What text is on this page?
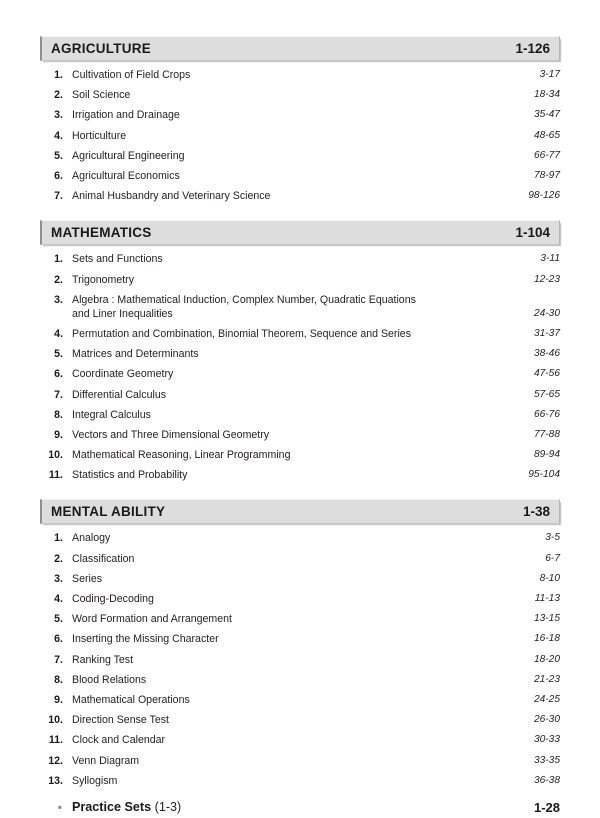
AGRICULTURE	1-126
1. Cultivation of Field Crops	3-17
2. Soil Science	18-34
3. Irrigation and Drainage	35-47
4. Horticulture	48-65
5. Agricultural Engineering	66-77
6. Agricultural Economics	78-97
7. Animal Husbandry and Veterinary Science	98-126
MATHEMATICS	1-104
1. Sets and Functions	3-11
2. Trigonometry	12-23
3. Algebra : Mathematical Induction, Complex Number, Quadratic Equations
and Liner Inequalities	24-30
4. Permutation and Combination, Binomial Theorem, Sequence and Series	31-37
5. Matrices and Determinants	38-46
6. Coordinate Geometry	47-56
7. Differential Calculus	57-65
8. Integral Calculus	66-76
9. Vectors and Three Dimensional Geometry	77-88
10. Mathematical Reasoning, Linear Programming	89-94
11. Statistics and Probability	95-104
MENTAL ABILITY	1-38
1. Analogy	3-5
2. Classification	6-7
3. Series	8-10
4. Coding-Decoding	11-13
5. Word Formation and Arrangement	13-15
6. Inserting the Missing Character	16-18
7. Ranking Test	18-20
8. Blood Relations	21-23
9. Mathematical Operations	24-25
10. Direction Sense Test	26-30
11. Clock and Calendar	30-33
12. Venn Diagram	33-35
13. Syllogism	36-38
▪ Practice Sets (1-3)	1-28
